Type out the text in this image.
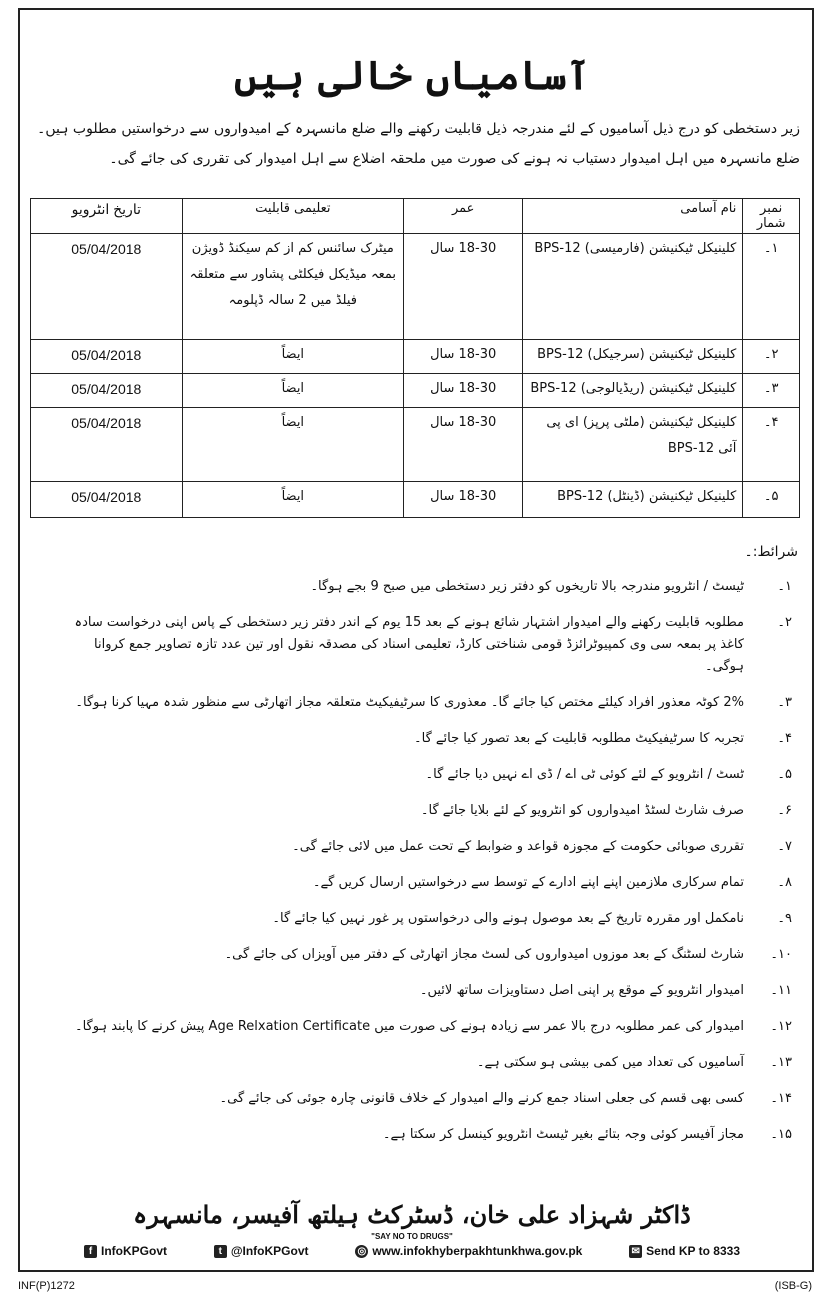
آسامیاں خالی ہیں
زیر دستخطی کو درج ذیل آسامیوں کے لئے مندرجہ ذیل قابلیت رکھنے والے ضلع مانسہرہ کے امیدواروں سے درخواستیں مطلوب ہیں۔ ضلع مانسہرہ میں اہل امیدوار دستیاب نہ ہونے کی صورت میں ملحقہ اضلاع سے اہل امیدوار کی تقرری کی جائے گی۔
نمبر شمار	نام آسامی	عمر	تعلیمی قابلیت	تاریخ انٹرویو
۱۔	کلینیکل ٹیکنیشن (فارمیسی) BPS-12	18-30 سال	میٹرک سائنس کم از کم سیکنڈ ڈویژن بمعہ میڈیکل فیکلٹی پشاور سے متعلقہ فیلڈ میں 2 سالہ ڈپلومہ	05/04/2018
۲۔	کلینیکل ٹیکنیشن (سرجیکل) BPS-12	18-30 سال	ایضاً	05/04/2018
۳۔	کلینیکل ٹیکنیشن (ریڈیالوجی) BPS-12	18-30 سال	ایضاً	05/04/2018
۴۔	کلینیکل ٹیکنیشن (ملٹی پرپز) ای پی آئی BPS-12	18-30 سال	ایضاً	05/04/2018
۵۔	کلینیکل ٹیکنیشن (ڈینٹل) BPS-12	18-30 سال	ایضاً	05/04/2018
شرائط:۔
۱۔
ٹیسٹ / انٹرویو مندرجہ بالا تاریخوں کو دفتر زیر دستخطی میں صبح 9 بجے ہوگا۔
۲۔
مطلوبہ قابلیت رکھنے والے امیدوار اشتہار شائع ہونے کے بعد 15 یوم کے اندر دفتر زیر دستخطی کے پاس اپنی درخواست سادہ کاغذ پر بمعہ سی وی کمپیوٹرائزڈ قومی شناختی کارڈ، تعلیمی اسناد کی مصدقہ نقول اور تین عدد تازہ تصاویر جمع کروانا ہوگی۔
۳۔
2% کوٹہ معذور افراد کیلئے مختص کیا جائے گا۔ معذوری کا سرٹیفیکیٹ متعلقہ مجاز اتھارٹی سے منظور شدہ مہیا کرنا ہوگا۔
۴۔
تجربہ کا سرٹیفیکیٹ مطلوبہ قابلیت کے بعد تصور کیا جائے گا۔
۵۔
ٹسٹ / انٹرویو کے لئے کوئی ٹی اے / ڈی اے نہیں دیا جائے گا۔
۶۔
صرف شارٹ لسٹڈ امیدواروں کو انٹرویو کے لئے بلایا جائے گا۔
۷۔
تقرری صوبائی حکومت کے مجوزہ قواعد و ضوابط کے تحت عمل میں لائی جائے گی۔
۸۔
تمام سرکاری ملازمین اپنے اپنے ادارے کے توسط سے درخواستیں ارسال کریں گے۔
۹۔
نامکمل اور مقررہ تاریخ کے بعد موصول ہونے والی درخواستوں پر غور نہیں کیا جائے گا۔
۱۰۔
شارٹ لسٹنگ کے بعد موزوں امیدواروں کی لسٹ مجاز اتھارٹی کے دفتر میں آویزاں کی جائے گی۔
۱۱۔
امیدوار انٹرویو کے موقع پر اپنی اصل دستاویزات ساتھ لائیں۔
۱۲۔
امیدوار کی عمر مطلوبہ درج بالا عمر سے زیادہ ہونے کی صورت میں Age Relxation Certificate پیش کرنے کا پابند ہوگا۔
۱۳۔
آسامیوں کی تعداد میں کمی بیشی ہو سکتی ہے۔
۱۴۔
کسی بھی قسم کی جعلی اسناد جمع کرنے والے امیدوار کے خلاف قانونی چارہ جوئی کی جائے گی۔
۱۵۔
مجاز آفیسر کوئی وجہ بتائے بغیر ٹیسٹ انٹرویو کینسل کر سکتا ہے۔
ڈاکٹر شہزاد علی خان، ڈسٹرکٹ ہیلتھ آفیسر، مانسہرہ
"SAY NO TO DRUGS"
f InfoKPGovt	t @InfoKPGovt	◎ www.infokhyberpakhtunkhwa.gov.pk	✉ Send KP to 8333
INF(P)1272	(ISB-G)
